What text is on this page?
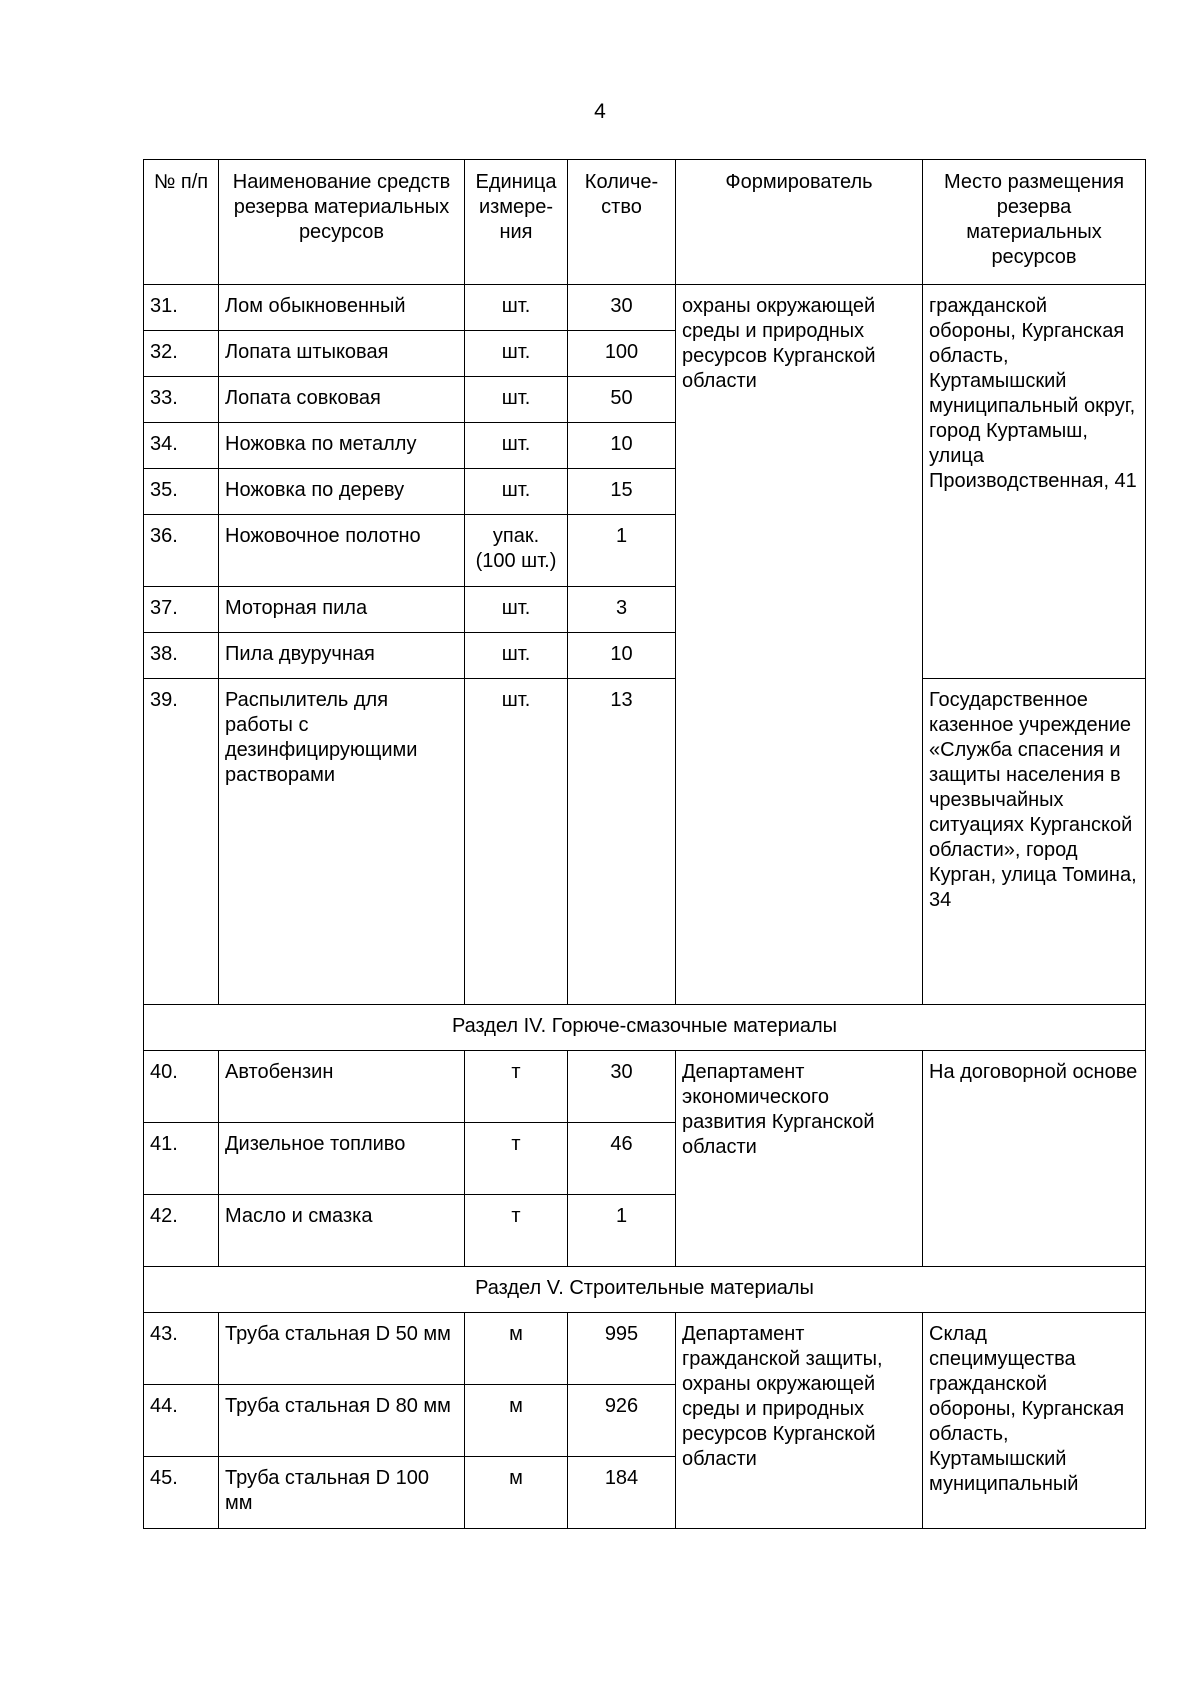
4
№ п/п	Наименование средств резерва материальных ресурсов	Единица измере-ния	Количе-ство	Формирователь	Место размещения резерва материальных ресурсов
31.	Лом обыкновенный	шт.	30	охраны окружающей среды и природных ресурсов Курганской области	гражданской обороны, Курганская область, Куртамышский муниципальный округ, город Куртамыш, улица Производственная, 41
32.	Лопата штыковая	шт.	100		
33.	Лопата совковая	шт.	50		
34.	Ножовка по металлу	шт.	10		
35.	Ножовка по дереву	шт.	15		
36.	Ножовочное полотно	упак. (100 шт.)	1		
37.	Моторная пила	шт.	3		
38.	Пила двуручная	шт.	10		
39.	Распылитель для работы с дезинфицирующими растворами	шт.	13		Государственное казенное учреждение «Служба спасения и защиты населения в чрезвычайных ситуациях Курганской области», город Курган, улица Томина, 34
Раздел IV. Горюче-смазочные материалы					
40.	Автобензин	т	30	Департамент экономического развития Курганской области	На договорной основе
41.	Дизельное топливо	т	46		
42.	Масло и смазка	т	1		
Раздел V. Строительные материалы					
43.	Труба стальная D 50 мм	м	995	Департамент гражданской защиты, охраны окружающей среды и природных ресурсов Курганской области	Склад специмущества гражданской обороны, Курганская область, Куртамышский муниципальный
44.	Труба стальная D 80 мм	м	926		
45.	Труба стальная D 100 мм	м	184		
